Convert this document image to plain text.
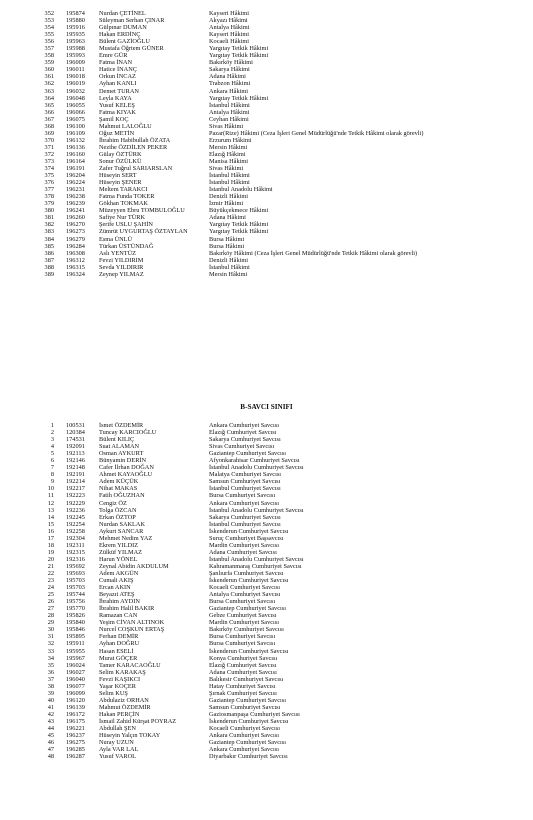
352 195874 Nurdan ÇETİNEL	Kayseri Hâkimi
353 195880 Süleyman Serhan ÇINAR	Akyazı Hâkimi
354 195916 Gülpınar DUMAN	Antalya Hâkimi
355 195935 Hakan ERDİNÇ	Kayseri Hâkimi
356 195963 Bülent GAZİOĞLU	Kocaeli Hâkimi
357 195988 Mustafa Öğrtem GÜNER	Yargıtay Tetkik Hâkimi
358 195993 Emre GÜR	Yargıtay Tetkik Hâkimi
359 196009 Fatma İNAN	Bakırköy Hâkimi
360 196011 Hatice İNANÇ	Sakarya Hâkimi
361 196018 Orkun İNCAZ	Adana Hâkimi
362 196019 Ayhan KANLI	Trabzon Hâkimi
363 196032 Demet TURAN	Ankara Hâkimi
364 196048 Leyla KAYA	Yargıtay Tetkik Hâkimi
365 196055 Yusuf KELEŞ	İstanbul Hâkimi
366 196066 Fatma KIYAK	Antalya Hâkimi
367 196075 Şamil KOÇ	Ceyhan Hâkimi
368 196100 Mahmut LALOĞLU	Sivas Hâkimi
369 196109 Oğuz METİN	Pazar(Rize) Hâkimi (Ceza İşleri Genel Müdürlüğü'nde Tetkik Hâkimi olarak görevli)
370 196132 İbrahim Habibullah ÖZATA	Erzurum Hâkimi
371 196136 Nezihe ÖZDİLEN PEKER	Mersin Hâkimi
372 196160 Gülay ÖZTÜRK	Elazığ Hâkimi
373 196164 Sonur ÖZÜLKÜ	Manisa Hâkimi
374 196191 Zafer Tuğrul SARIARSLAN	Sivas Hâkimi
375 196204 Hüseyin SERT	İstanbul Hâkimi
376 196224 Hüseyin ŞENER	İstanbul Hâkimi
377 196231 Meltem TARAKCI	İstanbul Anadolu Hâkimi
378 196238 Fatma Funda TOKER	Denizli Hâkimi
379 196239 Gökhan TOKMAK	İzmir Hâkimi
380 196241 Müzeyyen Ebru TOMBULOĞLU	Büyükçekmece Hâkimi
381 196260 Safiye Nur TÜRK	Adana Hâkimi
382 196270 Şerife USLU ŞAHİN	Yargıtay Tetkik Hâkimi
383 196273 Zümrüt UYGURTAŞ ÖZTAYLAN	Yargıtay Tetkik Hâkimi
384 196279 Esma ÜNLÜ	Bursa Hâkimi
385 196284 Türkan ÜSTÜNDAĞ	Bursa Hâkimi
386 196308 Aslı YENTÜZ	Bakırköy Hâkimi (Ceza İşleri Genel Müdürlüğü'nde Tetkik Hâkimi olarak görevli)
387 196312 Fevzi YILDIRIM	Denizli Hâkimi
388 196315 Sevda YILDIRIR	İstanbul Hâkimi
389 196324 Zeynep YILMAZ	Mersin Hâkimi
B-SAVCI SINIFI
1 100531 İsmet ÖZDEMİR	Ankara Cumhuriyet Savcısı
2 120384 Tuncay KARCIOĞLU	Elazığ Cumhuriyet Savcısı
3 174531 Bülent KILIÇ	Sakarya Cumhuriyet Savcısı
4 192091 Suat ALAMAN	Sivas Cumhuriyet Savcısı
5 192113 Osman AYKURT	Gaziantep Cumhuriyet Savcısı
6 192146 Bünyamin DERİN	Afyonkarahisar Cumhuriyet Savcısı
7 192148 Cafer İlrhan DOĞAN	İstanbul Anadolu Cumhuriyet Savcısı
8 192191 Ahmet KAYAOĞLU	Malatya Cumhuriyet Savcısı
9 192214 Adem KÜÇÜK	Samsun Cumhuriyet Savcısı
10 192217 Nihat MAKAS	İstanbul Cumhuriyet Savcısı
11 192223 Fatih OĞUZHAN	Bursa Cumhuriyet Savcısı
12 192229 Cengiz ÖZ	Ankara Cumhuriyet Savcısı
13 192236 Tolga ÖZCAN	İstanbul Anadolu Cumhuriyet Savcısı
14 192245 Erkan ÖZTOP	Sakarya Cumhuriyet Savcısı
15 192254 Nurdan SAKLAK	İstanbul Cumhuriyet Savcısı
16 192258 Aykurt SANCAR	İskenderun Cumhuriyet Savcısı
17 192304 Mehmet Nedim YAZ	Suruç Cumhuriyet Başsavcısı
18 192311 Ekrem YILDIZ	Mardin Cumhuriyet Savcısı
19 192315 Zülküf YILMAZ	Adana Cumhuriyet Savcısı
20 192316 Harun YÖNEL	İstanbul Anadolu Cumhuriyet Savcısı
21 195692 Zeynal Abidin AKDULUM	Kahramanmaraş Cumhuriyet Savcısı
22 195693 Adem AKGÜN	Şanlıurfa Cumhuriyet Savcısı
23 195703 Cumali AKIŞ	İskenderun Cumhuriyet Savcısı
24 195703 Ercan AKIN	Kocaeli Cumhuriyet Savcısı
25 195744 Beyazıt ATEŞ	Antalya Cumhuriyet Savcısı
26 195756 İbrahim AYDIN	Bursa Cumhuriyet Savcısı
27 195770 İbrahim Halil BAKIR	Gaziantep Cumhuriyet Savcısı
28 195826 Ramazan CAN	Gebze Cumhuriyet Savcısı
29 195840 Yeşim CİVAN ALTINOK	Mardin Cumhuriyet Savcısı
30 195846 Nurcel COŞKUN ERTAŞ	Bakırköy Cumhuriyet Savcısı
31 195895 Ferhan DEMİR	Bursa Cumhuriyet Savcısı
32 195911 Ayhan DOĞRU	Bursa Cumhuriyet Savcısı
33 195955 Hasan ESELİ	İskenderun Cumhuriyet Savcısı
34 195967 Murat GÖÇER	Konya Cumhuriyet Savcısı
35 196024 Tamer KARACAOĞLU	Elazığ Cumhuriyet Savcısı
36 196027 Selim KARAKAŞ	Adana Cumhuriyet Savcısı
37 196040 Fevzi KAŞIKCI	Balıkesir Cumhuriyet Savcısı
38 196077 Yaşar KOÇER	Hatay Cumhuriyet Savcısı
39 196099 Selim KUŞ	Şırnak Cumhuriyet Savcısı
40 196120 Abdulaziz ORHAN	Gaziantep Cumhuriyet Savcısı
41 196139 Mahmut ÖZDEMİR	Samsun Cumhuriyet Savcısı
42 196172 Hakan PERÇİN	Gaziosmanpaşa Cumhuriyet Savcısı
43 196175 İsmail Zahid Kürşat POYRAZ	İskenderun Cumhuriyet Savcısı
44 196221 Abdullah ŞEN	Kocaeli Cumhuriyet Savcısı
45 196237 Hüseyin Yalçın TOKAY	Ankara Cumhuriyet Savcısı
46 196275 Nuray UZUN	Gaziantep Cumhuriyet Savcısı
47 196285 Ayla VAR LAL	Ankara Cumhuriyet Savcısı
48 196287 Yusuf VAROL	Diyarbakır Cumhuriyet Savcısı
